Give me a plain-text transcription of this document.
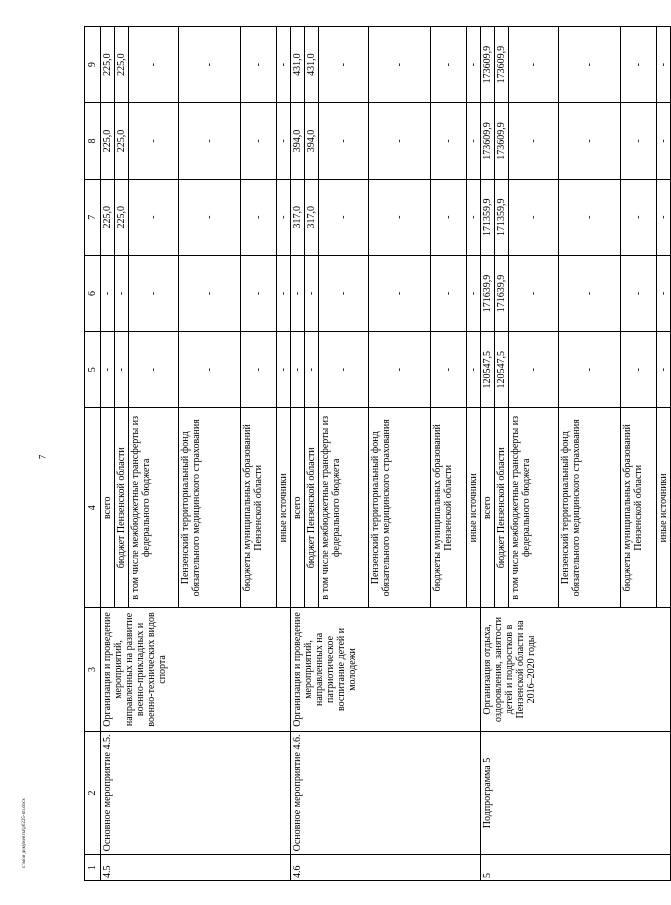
7
c:\мои документы\р0225-пп.docx	1	2	3	4	5	6	7	8	9
4.5	Основное мероприятие 4.5.	Организация и проведение мероприятий, направленных на развитие военно-прикладных и военно-технических видов спорта	всего	-	-	225,0	225,0	225,0
			бюджет Пензенской области	-	-	225,0	225,0	225,0
			в том числе межбюджетные трансферты из федерального бюджета	-	-	-	-	-
			Пензенский территориальный фонд обязательного медицинского страхования	-	-	-	-	-
			бюджеты муниципальных образований Пензенской области	-	-	-	-	-
			иные источники	-	-	-	-	-
4.6	Основное мероприятие 4.6.	Организация и проведение мероприятий, направленных на патриотическое воспитание детей и молодежи	всего	-	-	317,0	394,0	431,0
			бюджет Пензенской области	-	-	317,0	394,0	431,0
			в том числе межбюджетные трансферты из федерального бюджета	-	-	-	-	-
			Пензенский территориальный фонд обязательного медицинского страхования	-	-	-	-	-
			бюджеты муниципальных образований Пензенской области	-	-	-	-	-
			иные источники	-	-	-	-	-
5	Подпрограмма 5	Организация отдыха, оздоровления, занятости детей и подростков в Пензенской области на 2016–2020 годы	всего	120547,5	171639,9	171359,9	173609,9	173609,9
			бюджет Пензенской области	120547,5	171639,9	171359,9	173609,9	173609,9
			в том числе межбюджетные трансферты из федерального бюджета	-	-	-	-	-
			Пензенский территориальный фонд обязательного медицинского страхования	-	-	-	-	-
			бюджеты муниципальных образований Пензенской области	-	-	-	-	-
			иные источники	-	-	-	-	-
